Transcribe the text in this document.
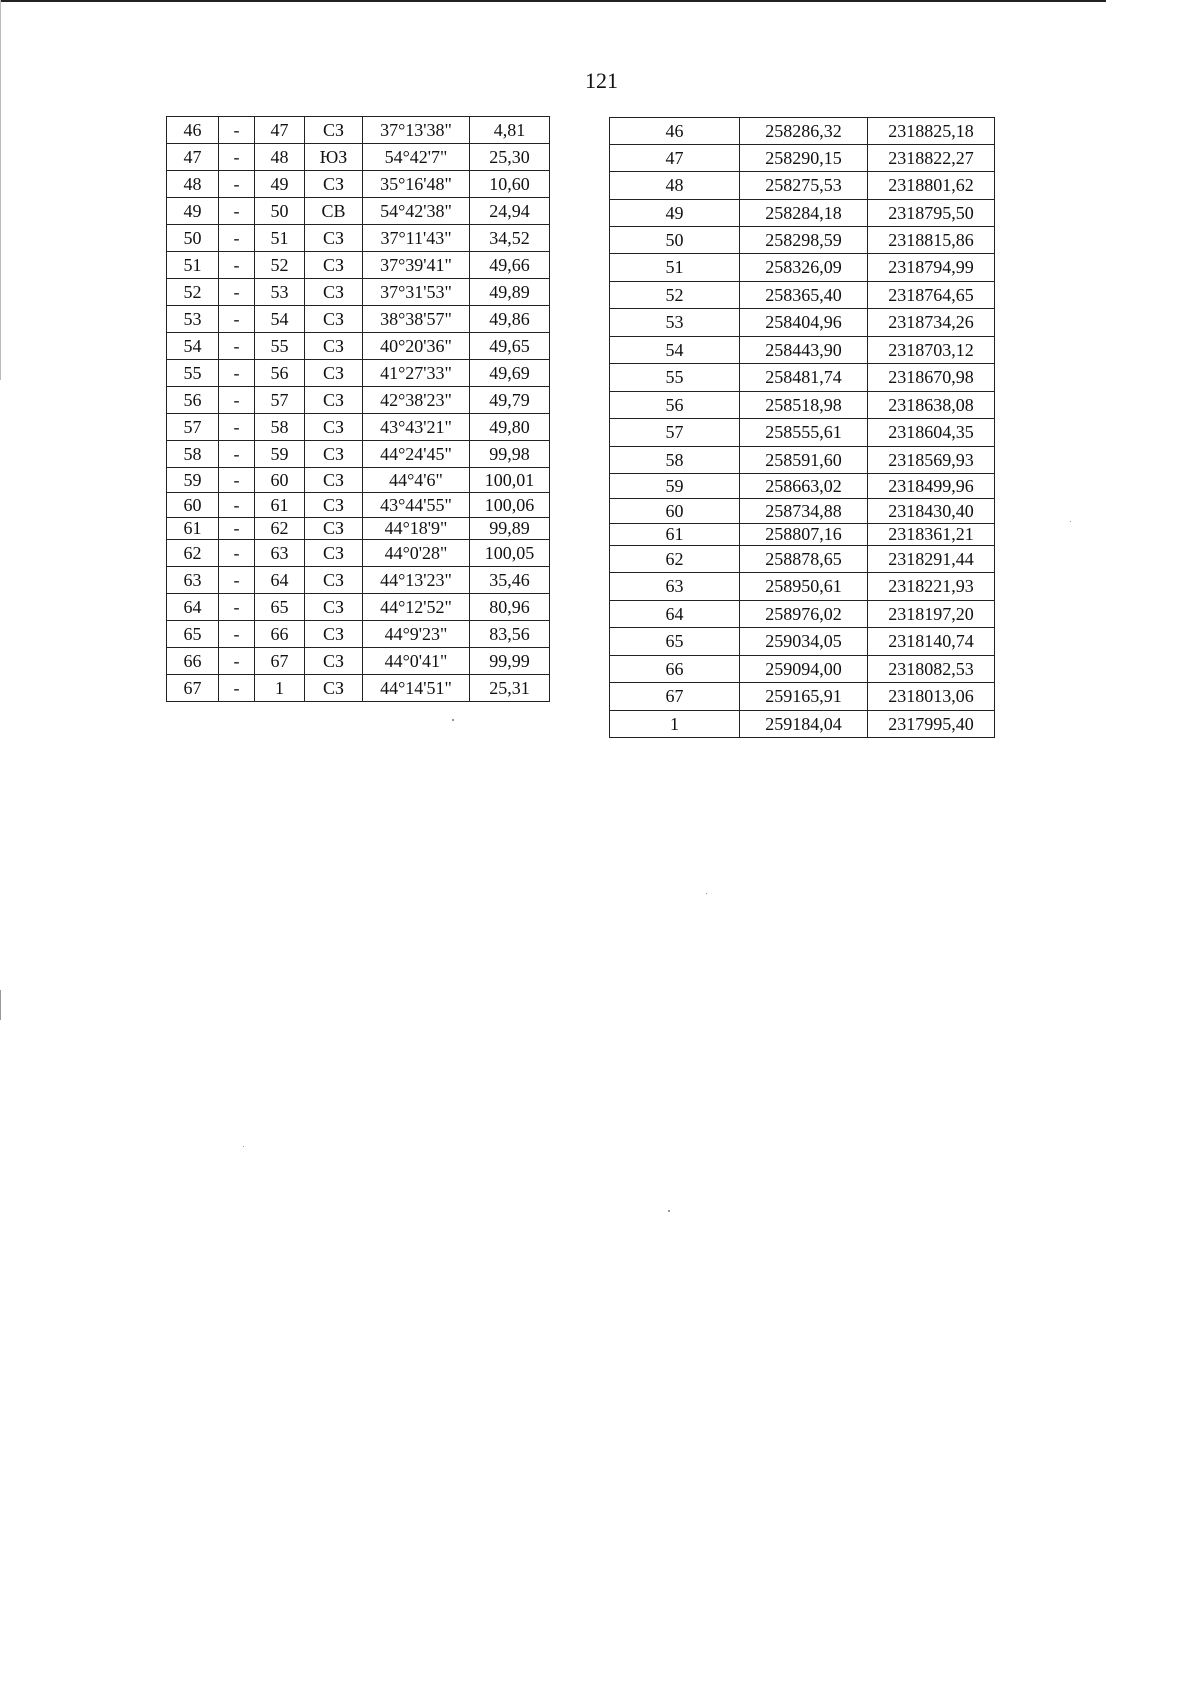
121
46	-	47	СЗ	37°13'38"	4,81
47	-	48	ЮЗ	54°42'7"	25,30
48	-	49	СЗ	35°16'48"	10,60
49	-	50	СВ	54°42'38"	24,94
50	-	51	СЗ	37°11'43"	34,52
51	-	52	СЗ	37°39'41"	49,66
52	-	53	СЗ	37°31'53"	49,89
53	-	54	СЗ	38°38'57"	49,86
54	-	55	СЗ	40°20'36"	49,65
55	-	56	СЗ	41°27'33"	49,69
56	-	57	СЗ	42°38'23"	49,79
57	-	58	СЗ	43°43'21"	49,80
58	-	59	СЗ	44°24'45"	99,98
59	-	60	СЗ	44°4'6"	100,01
60	-	61	СЗ	43°44'55"	100,06
61	-	62	СЗ	44°18'9"	99,89
62	-	63	СЗ	44°0'28"	100,05
63	-	64	СЗ	44°13'23"	35,46
64	-	65	СЗ	44°12'52"	80,96
65	-	66	СЗ	44°9'23"	83,56
66	-	67	СЗ	44°0'41"	99,99
67	-	1	СЗ	44°14'51"	25,31
46	258286,32	2318825,18
47	258290,15	2318822,27
48	258275,53	2318801,62
49	258284,18	2318795,50
50	258298,59	2318815,86
51	258326,09	2318794,99
52	258365,40	2318764,65
53	258404,96	2318734,26
54	258443,90	2318703,12
55	258481,74	2318670,98
56	258518,98	2318638,08
57	258555,61	2318604,35
58	258591,60	2318569,93
59	258663,02	2318499,96
60	258734,88	2318430,40
61	258807,16	2318361,21
62	258878,65	2318291,44
63	258950,61	2318221,93
64	258976,02	2318197,20
65	259034,05	2318140,74
66	259094,00	2318082,53
67	259165,91	2318013,06
1	259184,04	2317995,40
